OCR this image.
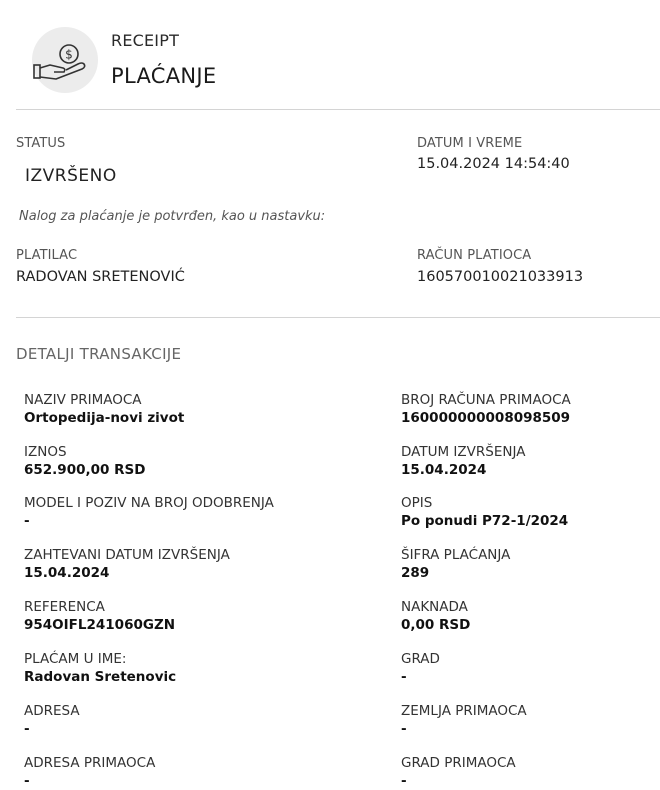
$
RECEIPT
PLAĆANJE
STATUS
IZVRŠENO
DATUM I VREME
15.04.2024 14:54:40
Nalog za plaćanje je potvrđen, kao u nastavku:
PLATILAC
RADOVAN SRETENOVIĆ
RAČUN PLATIOCA
160570010021033913
DETALJI TRANSAKCIJE
NAZIV PRIMAOCA
Ortopedija-novi zivot
IZNOS
652.900,00 RSD
MODEL I POZIV NA BROJ ODOBRENJA
-
ZAHTEVANI DATUM IZVRŠENJA
15.04.2024
REFERENCA
954OIFL241060GZN
PLAĆAM U IME:
Radovan Sretenovic
ADRESA
-
ADRESA PRIMAOCA
-
BROJ RAČUNA PRIMAOCA
160000000008098509
DATUM IZVRŠENJA
15.04.2024
OPIS
Po ponudi P72-1/2024
ŠIFRA PLAĆANJA
289
NAKNADA
0,00 RSD
GRAD
-
ZEMLJA PRIMAOCA
-
GRAD PRIMAOCA
-
